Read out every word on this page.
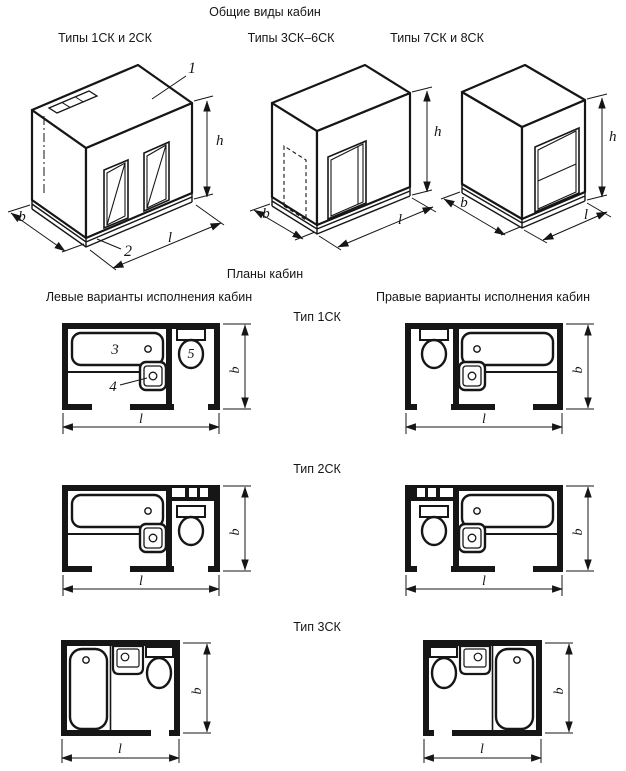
Общие виды кабин
Типы 1СК и 2СК	Типы 3СК–6СК	Типы 7СК и 8СК
Планы кабин
Левые варианты исполнения кабин	Правые варианты исполнения кабин
Тип 1СК
Тип 2СК
Тип 3СК
b
b
1
2
h
b
l
h
b	l
h
b
l
3
4
5
